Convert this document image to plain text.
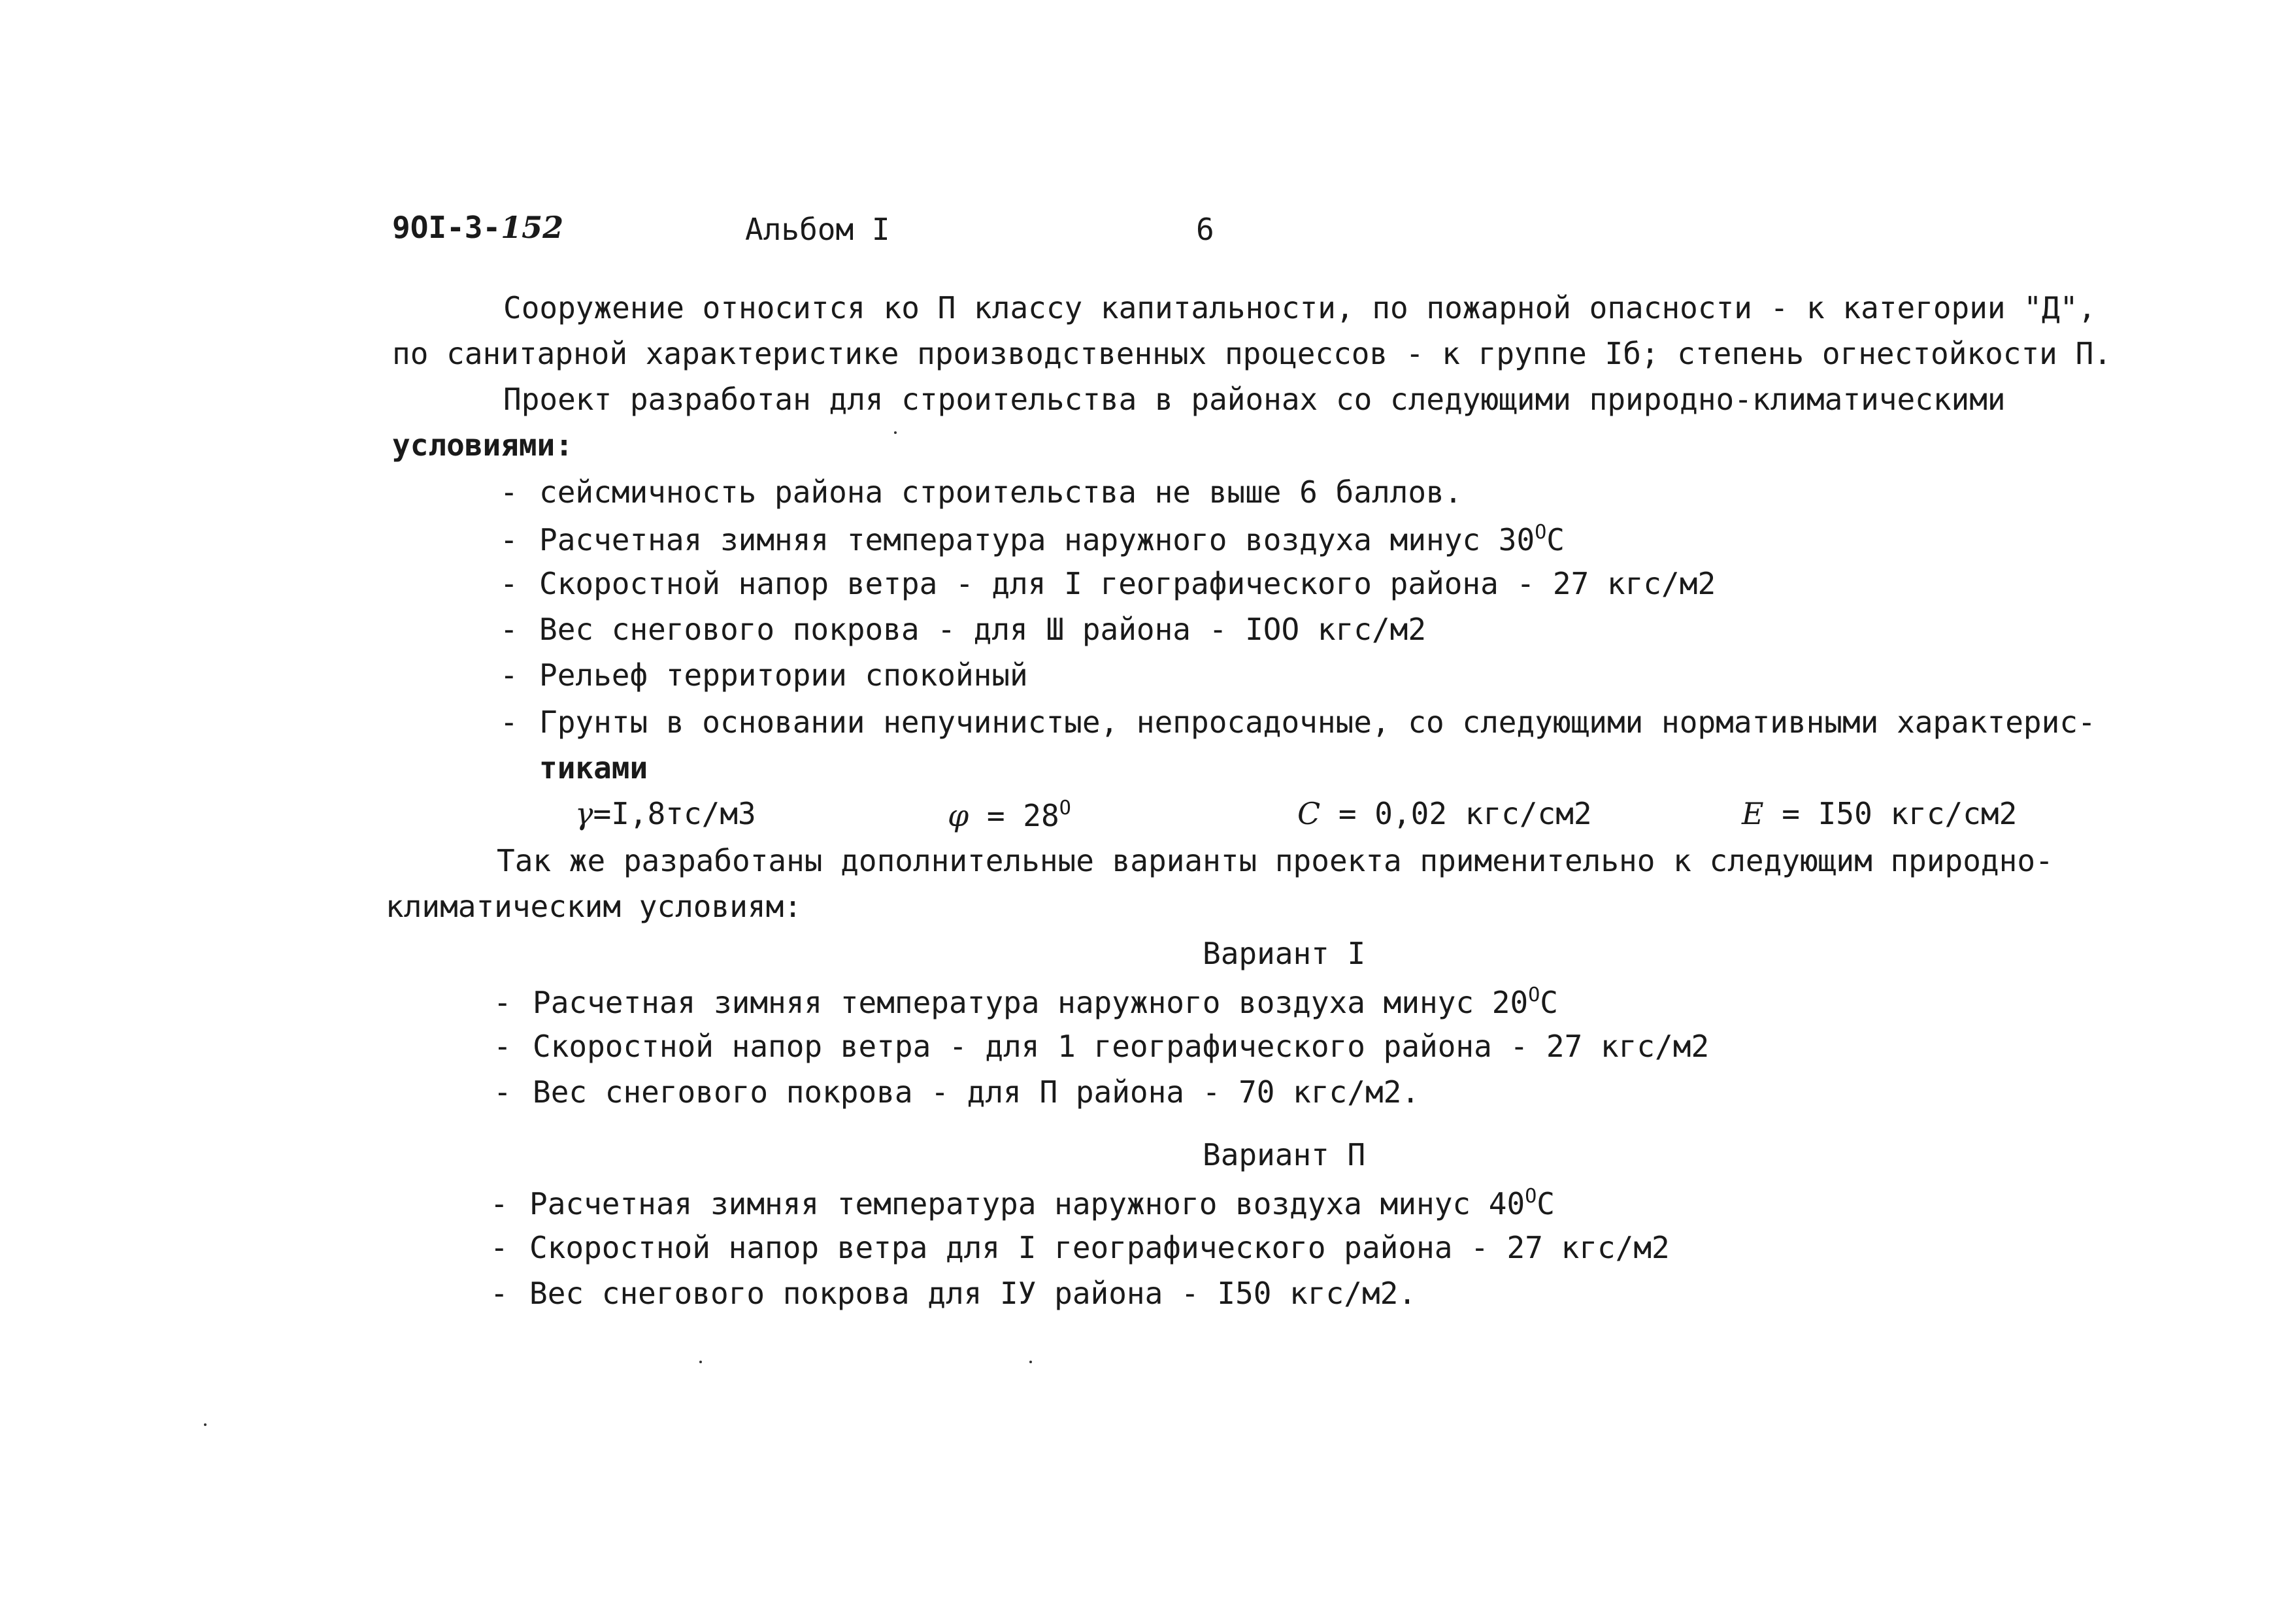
9OI-3-152	Альбом I	6
Сооружение относится ко П классу капитальности, по пожарной опасности - к категории "Д",
по санитарной характеристике производственных процессов - к группе Iб; степень огнестойкости П.
Проект разработан для строительства в районах со следующими природно-климатическими
условиями:
- сейсмичность района строительства не выше 6 баллов.
- Расчетная зимняя температура наружного воздуха минус $30^OС$
- Скоростной напор ветра - для I географического района - 27 кгс/м2
- Вес снегового покрова - для Ш района - IOO кгс/м2
- Рельеф территории спокойный
- Грунты в основании непучинистые, непросадочные, со следующими нормативными характерис-
тиками
γ=I,8тс/м3	$\varphi = 28^O$	C = 0,02 кгс/см2	E = I50 кгс/см2
Так же разработаны дополнительные варианты проекта применительно к следующим природно-
климатическим условиям:
Вариант I
- Расчетная зимняя температура наружного воздуха минус $20^OС$
- Скоростной напор ветра - для 1 географического района - 27 кгс/м2
- Вес снегового покрова - для П района - 70 кгс/м2.
Вариант П
- Расчетная зимняя температура наружного воздуха минус $40^OС$
- Скоростной напор ветра для I географического района - 27 кгс/м2
- Вес снегового покрова для IУ района - I50 кгс/м2.
